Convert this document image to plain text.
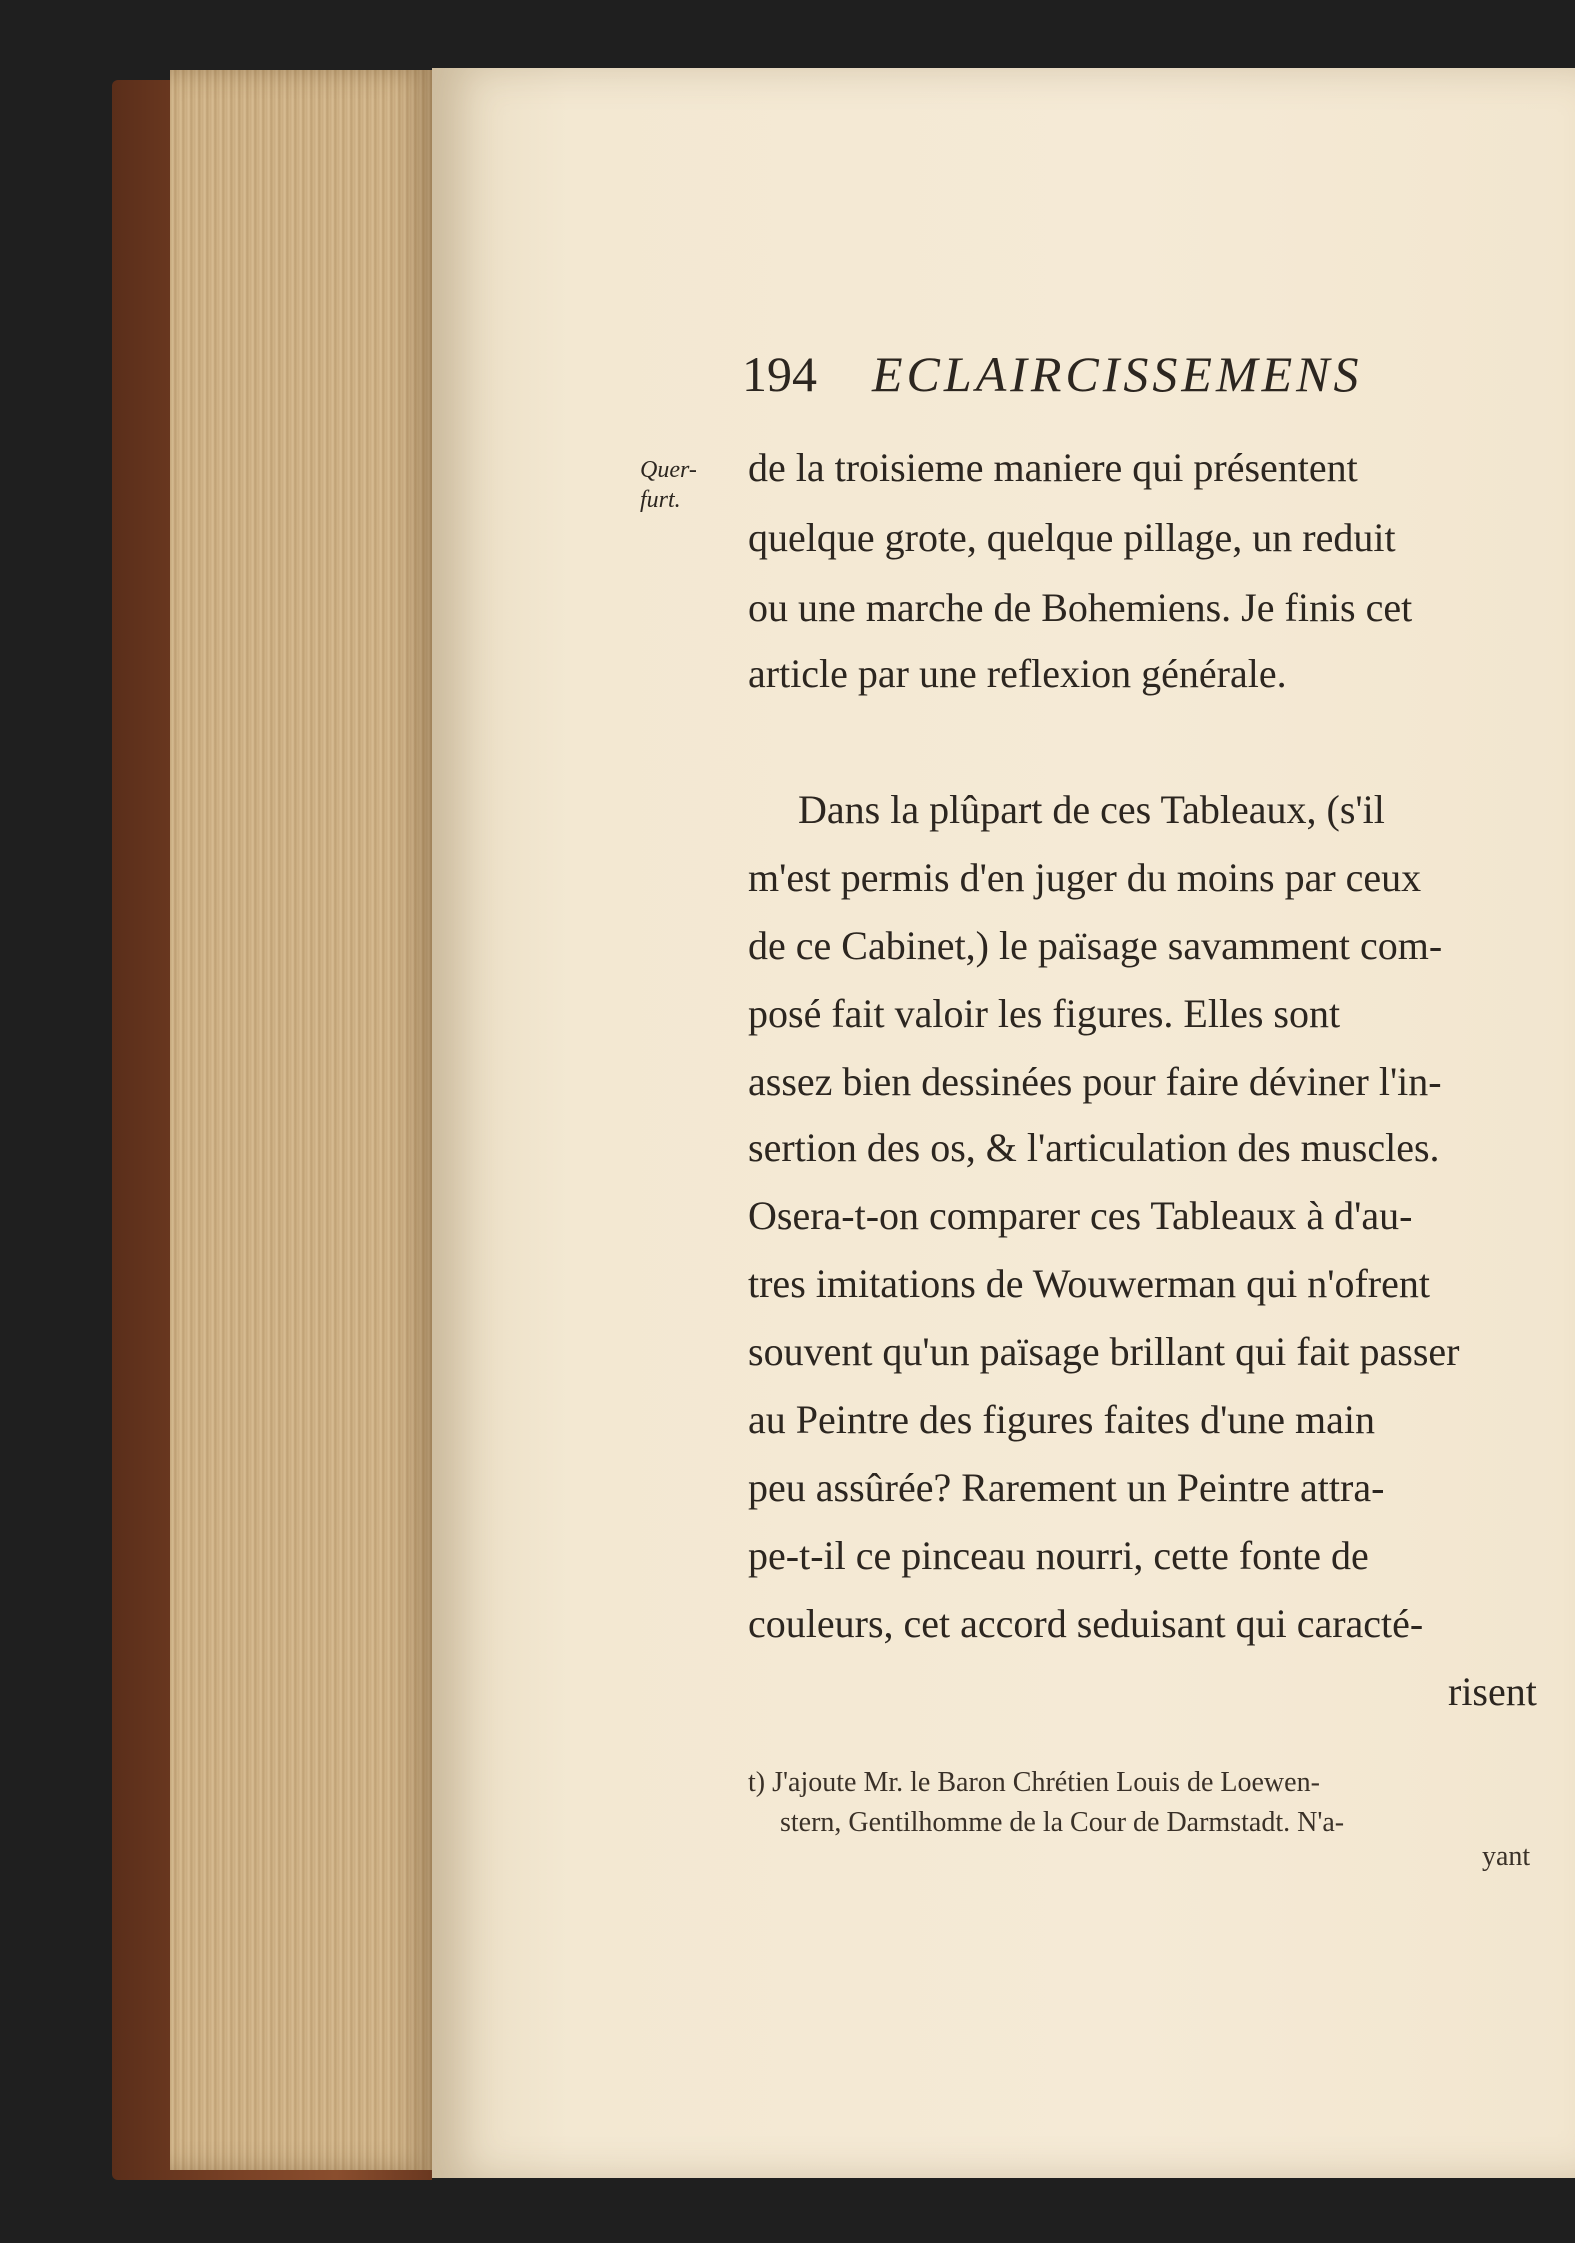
194 ECLAIRCISSEMENS
Quer-
furt.
de la troisieme maniere qui présentent
quelque grote, quelque pillage, un reduit
ou une marche de Bohemiens. Je finis cet
article par une reflexion générale.
Dans la plûpart de ces Tableaux, (s'il
m'est permis d'en juger du moins par ceux
de ce Cabinet,) le païsage savamment com-
posé fait valoir les figures. Elles sont
assez bien dessinées pour faire déviner l'in-
sertion des os, & l'articulation des muscles.
Osera-t-on comparer ces Tableaux à d'au-
tres imitations de Wouwerman qui n'ofrent
souvent qu'un païsage brillant qui fait passer
au Peintre des figures faites d'une main
peu assûrée? Rarement un Peintre attra-
pe-t-il ce pinceau nourri, cette fonte de
couleurs, cet accord seduisant qui caracté-
risent
t) J'ajoute Mr. le Baron Chrétien Louis de Loewen-
stern, Gentilhomme de la Cour de Darmstadt. N'a-
yant
